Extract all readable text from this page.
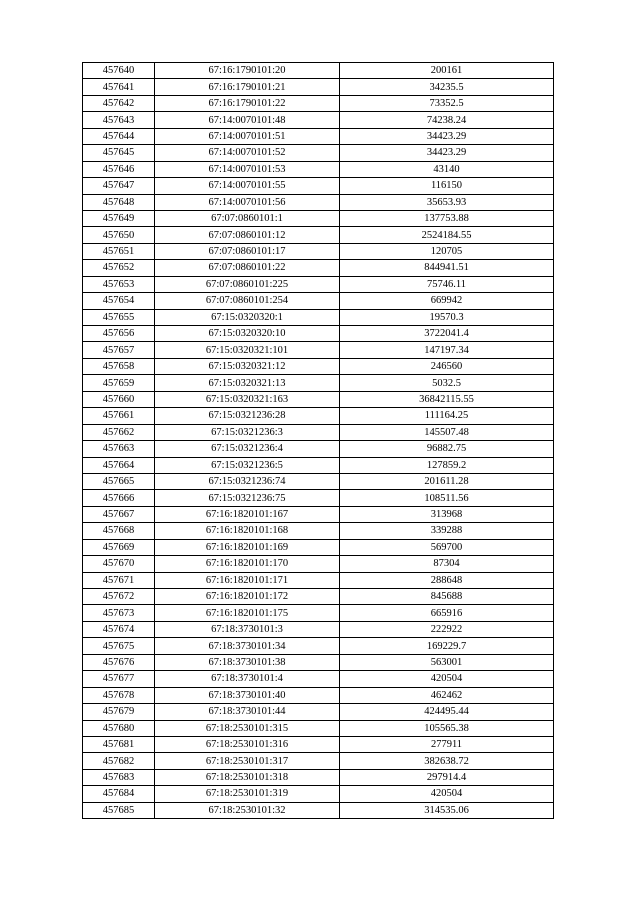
457640	67:16:1790101:20	200161
457641	67:16:1790101:21	34235.5
457642	67:16:1790101:22	73352.5
457643	67:14:0070101:48	74238.24
457644	67:14:0070101:51	34423.29
457645	67:14:0070101:52	34423.29
457646	67:14:0070101:53	43140
457647	67:14:0070101:55	116150
457648	67:14:0070101:56	35653.93
457649	67:07:0860101:1	137753.88
457650	67:07:0860101:12	2524184.55
457651	67:07:0860101:17	120705
457652	67:07:0860101:22	844941.51
457653	67:07:0860101:225	75746.11
457654	67:07:0860101:254	669942
457655	67:15:0320320:1	19570.3
457656	67:15:0320320:10	3722041.4
457657	67:15:0320321:101	147197.34
457658	67:15:0320321:12	246560
457659	67:15:0320321:13	5032.5
457660	67:15:0320321:163	36842115.55
457661	67:15:0321236:28	111164.25
457662	67:15:0321236:3	145507.48
457663	67:15:0321236:4	96882.75
457664	67:15:0321236:5	127859.2
457665	67:15:0321236:74	201611.28
457666	67:15:0321236:75	108511.56
457667	67:16:1820101:167	313968
457668	67:16:1820101:168	339288
457669	67:16:1820101:169	569700
457670	67:16:1820101:170	87304
457671	67:16:1820101:171	288648
457672	67:16:1820101:172	845688
457673	67:16:1820101:175	665916
457674	67:18:3730101:3	222922
457675	67:18:3730101:34	169229.7
457676	67:18:3730101:38	563001
457677	67:18:3730101:4	420504
457678	67:18:3730101:40	462462
457679	67:18:3730101:44	424495.44
457680	67:18:2530101:315	105565.38
457681	67:18:2530101:316	277911
457682	67:18:2530101:317	382638.72
457683	67:18:2530101:318	297914.4
457684	67:18:2530101:319	420504
457685	67:18:2530101:32	314535.06
